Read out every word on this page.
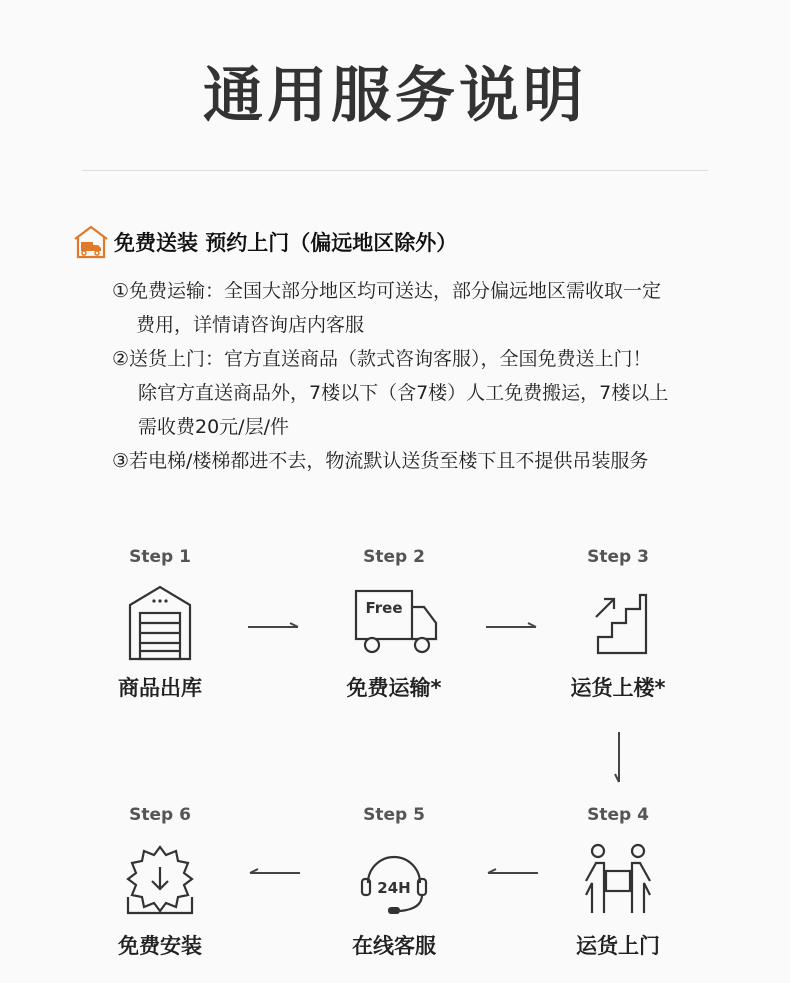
通用服务说明
免费送装 预约上门（偏远地区除外）
①免费运输：全国大部分地区均可送达，部分偏远地区需收取一定
费用，详情请咨询店内客服
②送货上门：官方直送商品（款式咨询客服），全国免费送上门！
除官方直送商品外，7楼以下（含7楼）人工免费搬运，7楼以上
需收费20元/层/件
③若电梯/楼梯都进不去，物流默认送货至楼下且不提供吊装服务
Step 1
商品出库
Step 2
Free
免费运输*
Step 3
运货上楼*
Step 4
运货上门
Step 5
24H
在线客服
Step 6
免费安装
